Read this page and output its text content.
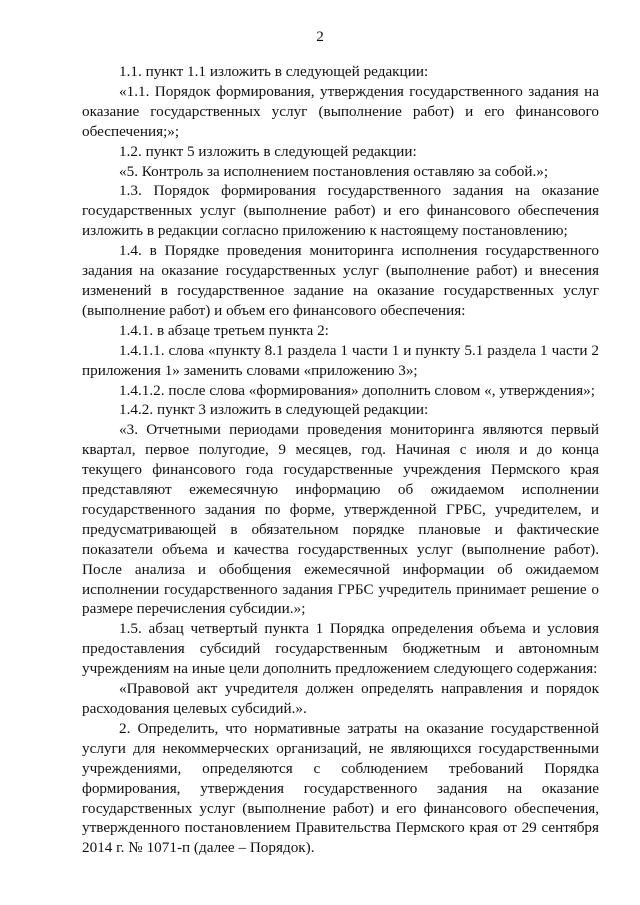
2

1.1. пункт 1.1 изложить в следующей редакции:

«1.1. Порядок формирования, утверждения государственного задания на оказание государственных услуг (выполнение работ) и его финансового обеспечения;»;

1.2. пункт 5 изложить в следующей редакции:

«5. Контроль за исполнением постановления оставляю за собой.»;

1.3. Порядок формирования государственного задания на оказание государственных услуг (выполнение работ) и его финансового обеспечения изложить в редакции согласно приложению к настоящему постановлению;

1.4. в Порядке проведения мониторинга исполнения государственного задания на оказание государственных услуг (выполнение работ) и внесения изменений в государственное задание на оказание государственных услуг (выполнение работ) и объем его финансового обеспечения:

1.4.1. в абзаце третьем пункта 2:

1.4.1.1. слова «пункту 8.1 раздела 1 части 1 и пункту 5.1 раздела 1 части 2 приложения 1» заменить словами «приложению 3»;

1.4.1.2. после слова «формирования» дополнить словом «, утверждения»;

1.4.2. пункт 3 изложить в следующей редакции:

«3. Отчетными периодами проведения мониторинга являются первый квартал, первое полугодие, 9 месяцев, год. Начиная с июля и до конца текущего финансового года государственные учреждения Пермского края представляют ежемесячную информацию об ожидаемом исполнении государственного задания по форме, утвержденной ГРБС, учредителем, и предусматривающей в обязательном порядке плановые и фактические показатели объема и качества государственных услуг (выполнение работ). После анализа и обобщения ежемесячной информации об ожидаемом исполнении государственного задания ГРБС учредитель принимает решение о размере перечисления субсидии.»;

1.5. абзац четвертый пункта 1 Порядка определения объема и условия предоставления субсидий государственным бюджетным и автономным учреждениям на иные цели дополнить предложением следующего содержания:

«Правовой акт учредителя должен определять направления и порядок расходования целевых субсидий.».

2. Определить, что нормативные затраты на оказание государственной услуги для некоммерческих организаций, не являющихся государственными учреждениями, определяются с соблюдением требований Порядка формирования, утверждения государственного задания на оказание государственных услуг (выполнение работ) и его финансового обеспечения, утвержденного постановлением Правительства Пермского края от 29 сентября 2014 г. № 1071-п (далее – Порядок).
